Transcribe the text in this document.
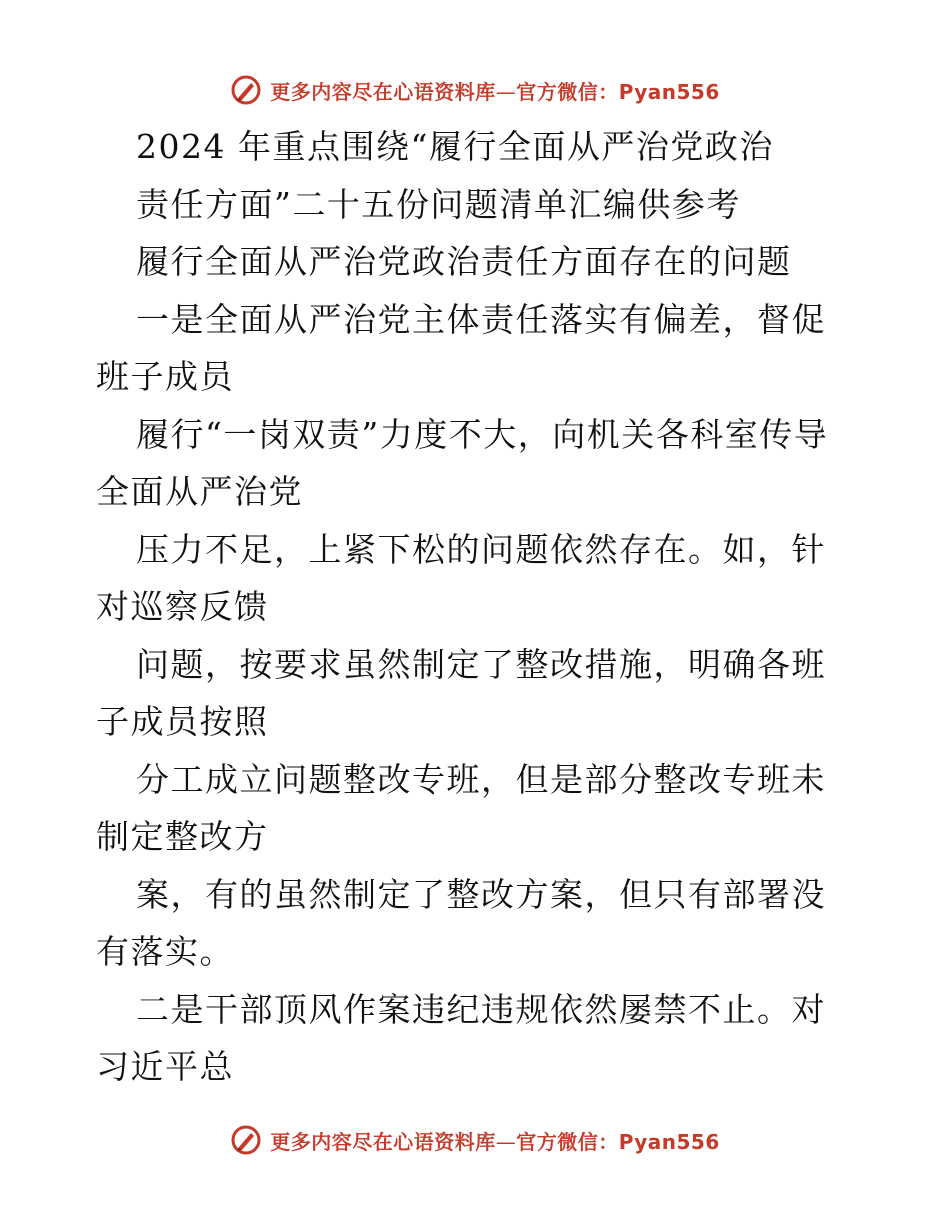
更多内容尽在心语资料库—官方微信：Pyan556

2024 年重点围绕“履行全面从严治党政治

责任方面”二十五份问题清单汇编供参考

履行全面从严治党政治责任方面存在的问题

一是全面从严治党主体责任落实有偏差，督促班子成员

履行“一岗双责”力度不大，向机关各科室传导全面从严治党

压力不足，上紧下松的问题依然存在。如，针对巡察反馈

问题，按要求虽然制定了整改措施，明确各班子成员按照

分工成立问题整改专班，但是部分整改专班未制定整改方

案，有的虽然制定了整改方案，但只有部署没有落实。

二是干部顶风作案违纪违规依然屡禁不止。对习近平总

更多内容尽在心语资料库—官方微信：Pyan556
